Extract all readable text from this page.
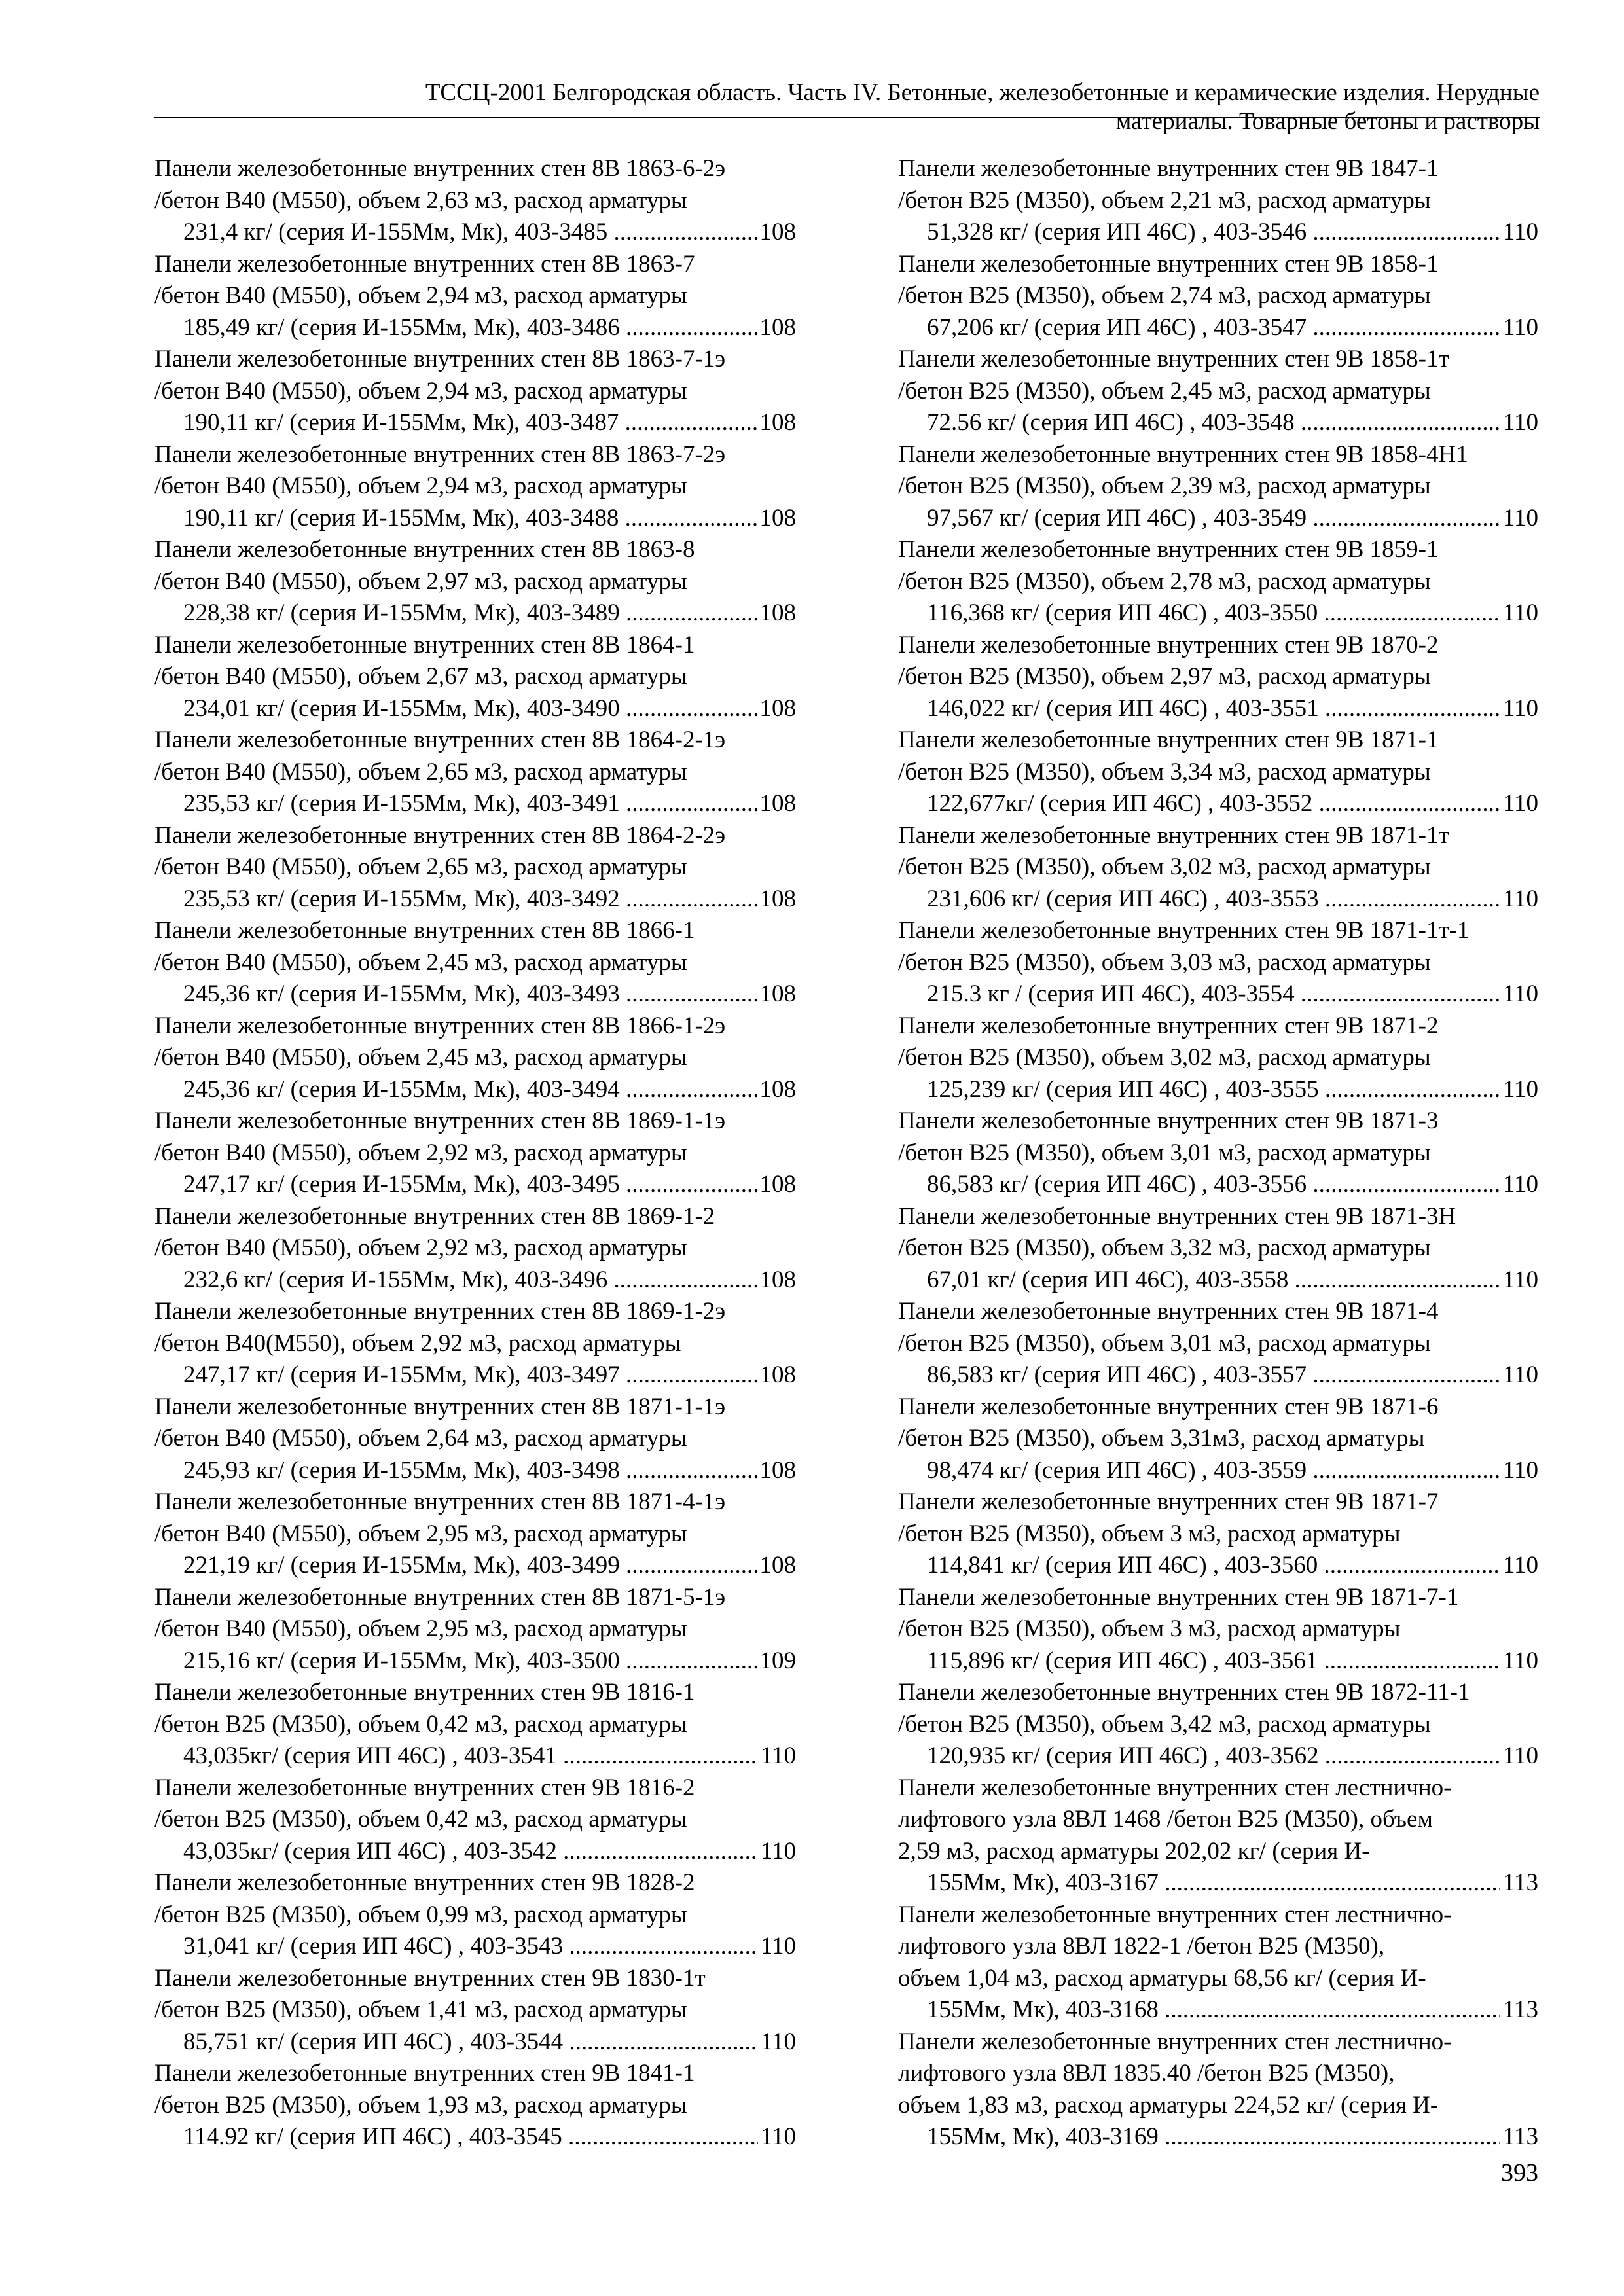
ТССЦ-2001 Белгородская область. Часть IV. Бетонные, железобетонные и керамические изделия. Нерудные
материалы. Товарные бетоны и растворы
Панели железобетонные внутренних стен 8В 1863-6-2э
/бетон В40 (М550), объем 2,63 м3, расход арматуры
231,4 кг/ (серия И-155Мм, Мк), 403-3485 .....	108
Панели железобетонные внутренних стен 8В 1863-7
/бетон В40 (М550), объем 2,94 м3, расход арматуры
185,49 кг/ (серия И-155Мм, Мк), 403-3486 .....	108
Панели железобетонные внутренних стен 8В 1863-7-1э
/бетон В40 (М550), объем 2,94 м3, расход арматуры
190,11 кг/ (серия И-155Мм, Мк), 403-3487 .....	108
Панели железобетонные внутренних стен 8В 1863-7-2э
/бетон В40 (М550), объем 2,94 м3, расход арматуры
190,11 кг/ (серия И-155Мм, Мк), 403-3488 .....	108
Панели железобетонные внутренних стен 8В 1863-8
/бетон В40 (М550), объем 2,97 м3, расход арматуры
228,38 кг/ (серия И-155Мм, Мк), 403-3489 .....	108
Панели железобетонные внутренних стен 8В 1864-1
/бетон В40 (М550), объем 2,67 м3, расход арматуры
234,01 кг/ (серия И-155Мм, Мк), 403-3490 .....	108
Панели железобетонные внутренних стен 8В 1864-2-1э
/бетон В40 (М550), объем 2,65 м3, расход арматуры
235,53 кг/ (серия И-155Мм, Мк), 403-3491 .....	108
Панели железобетонные внутренних стен 8В 1864-2-2э
/бетон В40 (М550), объем 2,65 м3, расход арматуры
235,53 кг/ (серия И-155Мм, Мк), 403-3492 .....	108
Панели железобетонные внутренних стен 8В 1866-1
/бетон В40 (М550), объем 2,45 м3, расход арматуры
245,36 кг/ (серия И-155Мм, Мк), 403-3493 .....	108
Панели железобетонные внутренних стен 8В 1866-1-2э
/бетон В40 (М550), объем 2,45 м3, расход арматуры
245,36 кг/ (серия И-155Мм, Мк), 403-3494 .....	108
Панели железобетонные внутренних стен 8В 1869-1-1э
/бетон В40 (М550), объем 2,92 м3, расход арматуры
247,17 кг/ (серия И-155Мм, Мк), 403-3495 .....	108
Панели железобетонные внутренних стен 8В 1869-1-2
/бетон В40 (М550), объем 2,92 м3, расход арматуры
232,6 кг/ (серия И-155Мм, Мк), 403-3496 .....	108
Панели железобетонные внутренних стен 8В 1869-1-2э
/бетон В40(М550), объем 2,92 м3, расход арматуры
247,17 кг/ (серия И-155Мм, Мк), 403-3497 .....	108
Панели железобетонные внутренних стен 8В 1871-1-1э
/бетон В40 (М550), объем 2,64 м3, расход арматуры
245,93 кг/ (серия И-155Мм, Мк), 403-3498 .....	108
Панели железобетонные внутренних стен 8В 1871-4-1э
/бетон В40 (М550), объем 2,95 м3, расход арматуры
221,19 кг/ (серия И-155Мм, Мк), 403-3499 .....	108
Панели железобетонные внутренних стен 8В 1871-5-1э
/бетон В40 (М550), объем 2,95 м3, расход арматуры
215,16 кг/ (серия И-155Мм, Мк), 403-3500 .....	109
Панели железобетонные внутренних стен 9В 1816-1
/бетон В25 (М350), объем 0,42 м3, расход арматуры
43,035кг/ (серия ИП 46С) , 403-3541 .....	110
Панели железобетонные внутренних стен 9В 1816-2
/бетон В25 (М350), объем 0,42 м3, расход арматуры
43,035кг/ (серия ИП 46С) , 403-3542 .....	110
Панели железобетонные внутренних стен 9В 1828-2
/бетон В25 (М350), объем 0,99 м3, расход арматуры
31,041 кг/ (серия ИП 46С) , 403-3543 .....	110
Панели железобетонные внутренних стен 9В 1830-1т
/бетон В25 (М350), объем 1,41 м3, расход арматуры
85,751 кг/ (серия ИП 46С) , 403-3544 .....	110
Панели железобетонные внутренних стен 9В 1841-1
/бетон В25 (М350), объем 1,93 м3, расход арматуры
114.92 кг/ (серия ИП 46С) , 403-3545 .....	110
Панели железобетонные внутренних стен 9В 1847-1
/бетон В25 (М350), объем 2,21 м3, расход арматуры
51,328 кг/ (серия ИП 46С) , 403-3546 .....	110
Панели железобетонные внутренних стен 9В 1858-1
/бетон В25 (М350), объем 2,74 м3, расход арматуры
67,206 кг/ (серия ИП 46С) , 403-3547 .....	110
Панели железобетонные внутренних стен 9В 1858-1т
/бетон В25 (М350), объем 2,45 м3, расход арматуры
72.56 кг/ (серия ИП 46С) , 403-3548 .....	110
Панели железобетонные внутренних стен 9В 1858-4Н1
/бетон В25 (М350), объем 2,39 м3, расход арматуры
97,567 кг/ (серия ИП 46С) , 403-3549 .....	110
Панели железобетонные внутренних стен 9В 1859-1
/бетон В25 (М350), объем 2,78 м3, расход арматуры
116,368 кг/ (серия ИП 46С) , 403-3550 .....	110
Панели железобетонные внутренних стен 9В 1870-2
/бетон В25 (М350), объем 2,97 м3, расход арматуры
146,022 кг/ (серия ИП 46С) , 403-3551 .....	110
Панели железобетонные внутренних стен 9В 1871-1
/бетон В25 (М350), объем 3,34 м3, расход арматуры
122,677кг/ (серия ИП 46С) , 403-3552 .....	110
Панели железобетонные внутренних стен 9В 1871-1т
/бетон В25 (М350), объем 3,02 м3, расход арматуры
231,606 кг/ (серия ИП 46С) , 403-3553 .....	110
Панели железобетонные внутренних стен 9В 1871-1т-1
/бетон В25 (М350), объем 3,03 м3, расход арматуры
215.3 кг / (серия ИП 46С), 403-3554 .....	110
Панели железобетонные внутренних стен 9В 1871-2
/бетон В25 (М350), объем 3,02 м3, расход арматуры
125,239 кг/ (серия ИП 46С) , 403-3555 .....	110
Панели железобетонные внутренних стен 9В 1871-3
/бетон В25 (М350), объем 3,01 м3, расход арматуры
86,583 кг/ (серия ИП 46С) , 403-3556 .....	110
Панели железобетонные внутренних стен 9В 1871-3Н
/бетон В25 (М350), объем 3,32 м3, расход арматуры
67,01 кг/ (серия ИП 46С), 403-3558 .....	110
Панели железобетонные внутренних стен 9В 1871-4
/бетон В25 (М350), объем 3,01 м3, расход арматуры
86,583 кг/ (серия ИП 46С) , 403-3557 .....	110
Панели железобетонные внутренних стен 9В 1871-6
/бетон В25 (М350), объем 3,31м3, расход арматуры
98,474 кг/ (серия ИП 46С) , 403-3559 .....	110
Панели железобетонные внутренних стен 9В 1871-7
/бетон В25 (М350), объем 3 м3, расход арматуры
114,841 кг/ (серия ИП 46С) , 403-3560 .....	110
Панели железобетонные внутренних стен 9В 1871-7-1
/бетон В25 (М350), объем 3 м3, расход арматуры
115,896 кг/ (серия ИП 46С) , 403-3561 .....	110
Панели железобетонные внутренних стен 9В 1872-11-1
/бетон В25 (М350), объем 3,42 м3, расход арматуры
120,935 кг/ (серия ИП 46С) , 403-3562 .....	110
Панели железобетонные внутренних стен лестнично-
лифтового узла 8ВЛ 1468 /бетон В25 (М350), объем
2,59 м3, расход арматуры 202,02 кг/ (серия И-
155Мм, Мк), 403-3167 .....	113
Панели железобетонные внутренних стен лестнично-
лифтового узла 8ВЛ 1822-1 /бетон В25 (М350),
объем 1,04 м3, расход арматуры 68,56 кг/ (серия И-
155Мм, Мк), 403-3168 .....	113
Панели железобетонные внутренних стен лестнично-
лифтового узла 8ВЛ 1835.40 /бетон В25 (М350),
объем 1,83 м3, расход арматуры 224,52 кг/ (серия И-
155Мм, Мк), 403-3169 .....	113
393
